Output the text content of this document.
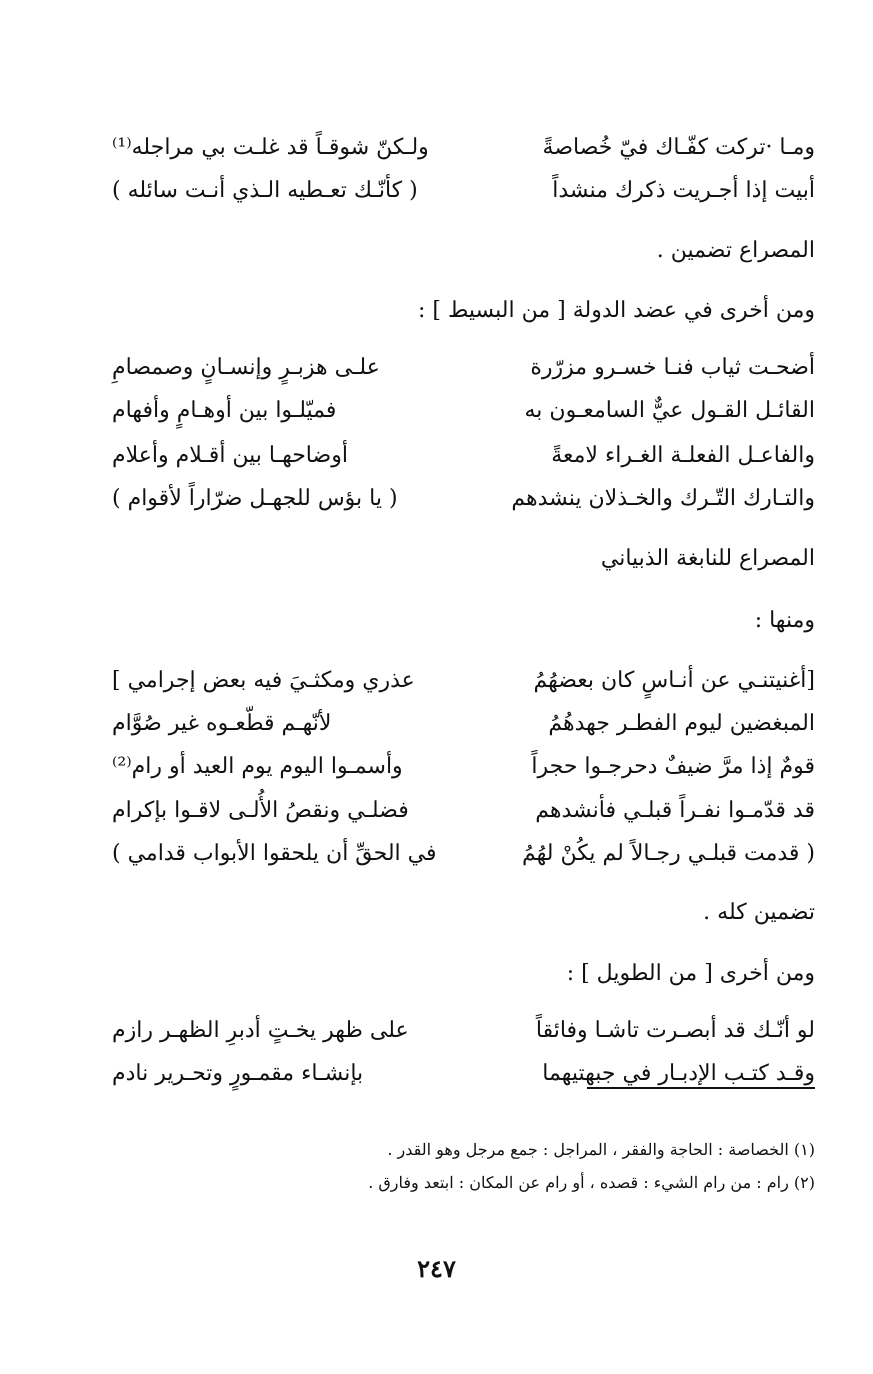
ومـا ·تركت كفّـاك فيّ خُصاصةً
ولـكنّ شوقـاً قد غلـت بي مراجله⁽¹⁾
أبيت إذا أجـريت ذكرك منشداً
( كأنّـك تعـطيه الـذي أنـت سائله )
المصراع تضمين .
ومن أخرى في عضد الدولة [ من البسيط ] :
أضحـت ثياب فنـا خسـرو مزرّرة
علـى هزبـرٍ وإنسـانٍ وصمصامِ
القائـل القـول عيٌّ السامعـون به
فميّلـوا بين أوهـامٍ وأفهام
والفاعـل الفعلـة الغـراء لامعةً
أوضاحهـا بين أقـلام وأعلام
والتـارك التّـرك والخـذلان ينشدهم
( يا بؤس للجهـل ضرّاراً لأقوام )
المصراع للنابغة الذبياني
ومنها :
[أغنيتنـي عن أنـاسٍ كان بعضهُمُ
عذري ومكثـيَ فيه بعض إجرامي ]
المبغضين ليوم الفطـر جهدهُمُ
لأنّهـم قطّعـوه غير صُوَّام
قومٌ إذا مرَّ ضيفٌ دحرجـوا حجراً
وأسمـوا اليوم يوم العيد أو رام⁽²⁾
قد قدّمـوا نفـراً قبلـي فأنشدهم
فضلـي ونقصُ الأُلـى لاقـوا بإكرام
( قدمت قبلـي رجـالاً لم يكُنْ لهُمُ
في الحقِّ أن يلحقوا الأبواب قدامي )
تضمين كله .
ومن أخرى [ من الطويل ] :
لو أنّـك قد أبصـرت تاشـا وفائقاً
على ظهر يخـتٍ أدبرِ الظهـر رازم
وقـد كتـب الإدبـار في جبهتيهما
بإنشـاء مقمـورٍ وتحـرير نادم
(١) الخصاصة : الحاجة والفقر ، المراجل : جمع مرجل وهو القدر .
(٢) رام : من رام الشيء : قصده ، أو رام عن المكان : ابتعد وفارق .
٢٤٧
